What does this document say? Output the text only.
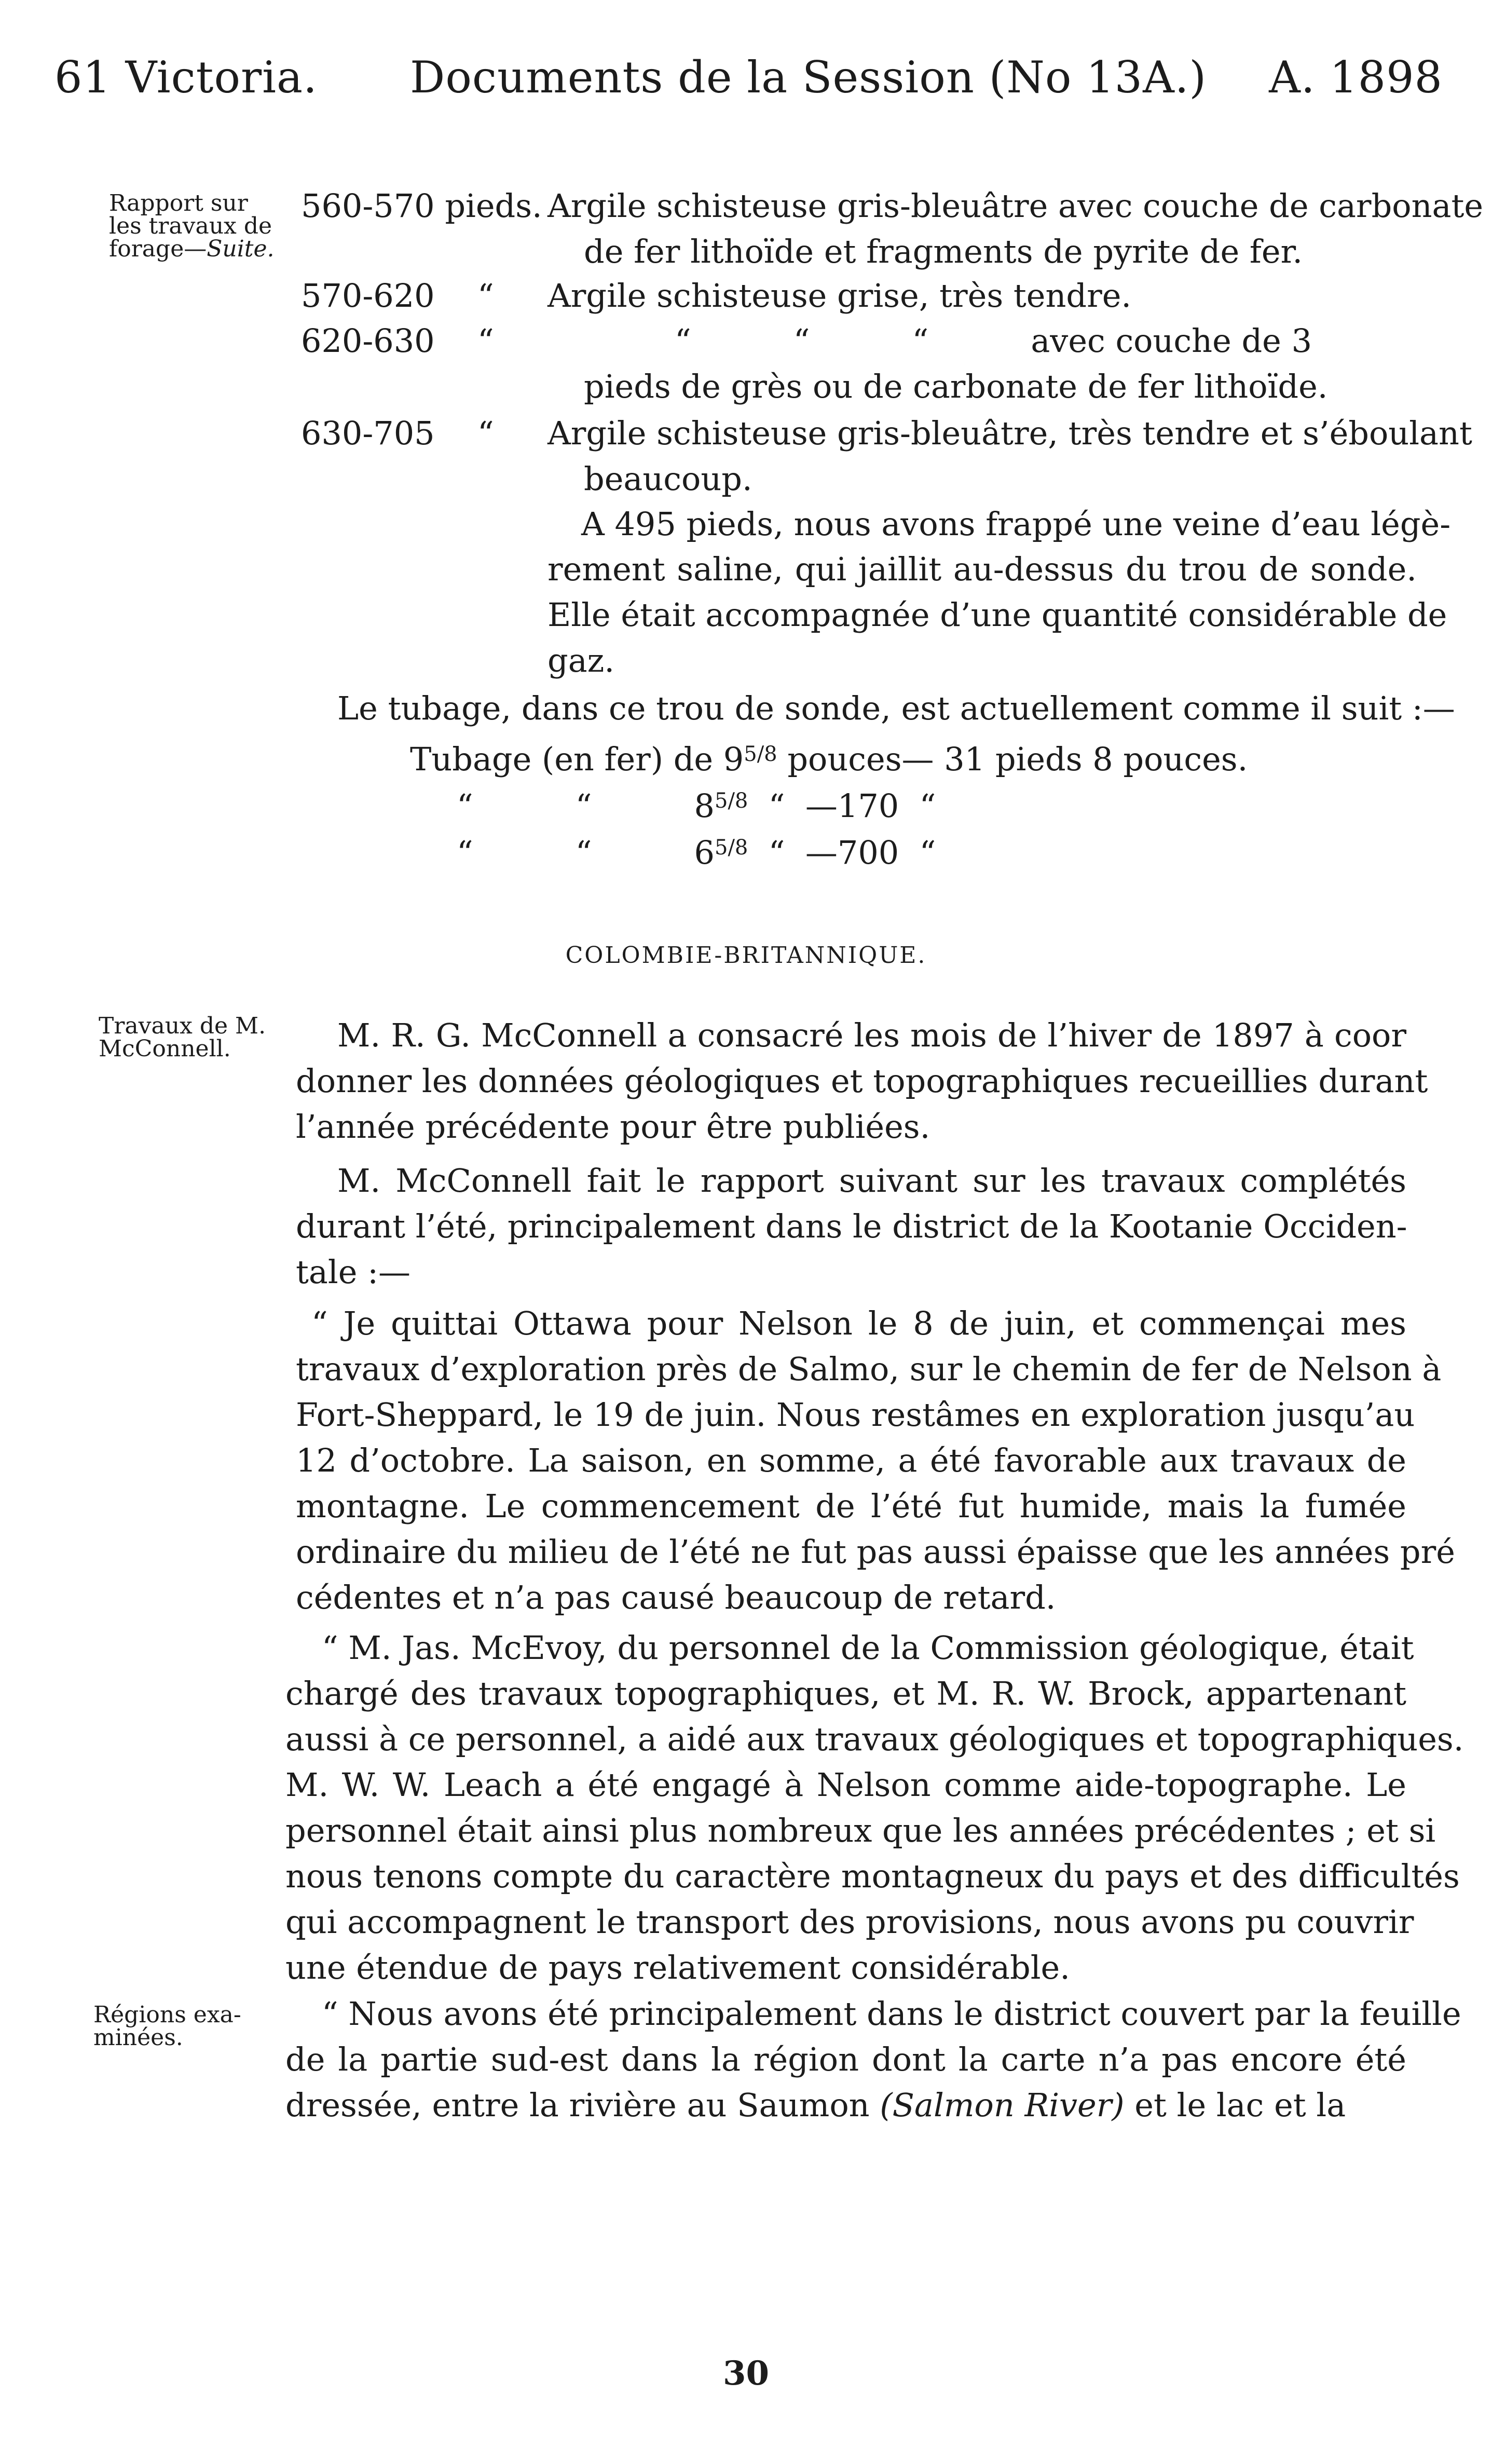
61 Victoria. Documents de la Session (No 13A.) A. 1898
Rapport sur
les travaux de
forage—Suite.
Travaux de M.
McConnell.
Régions exa-
minées.
560-570 pieds. Argile schisteuse gris-bleuâtre avec couche de carbonate
de fer lithoïde et fragments de pyrite de fer.
570-620 “ Argile schisteuse grise, très tendre.
620-630 “	“          “          “          avec couche de 3
pieds de grès ou de carbonate de fer lithoïde.
630-705 “ Argile schisteuse gris-bleuâtre, très tendre et s’éboulant
beaucoup.
A 495 pieds, nous avons frappé une veine d’eau légè-
rement saline, qui jaillit au-dessus du trou de sonde.
Elle était accompagnée d’une quantité considérable de
gaz.
Le tubage, dans ce trou de sonde, est actuellement comme il suit :—
Tubage (en fer) de $9^{5/8}$ pouces— 31 pieds 8 pouces.
“          “          $8^{5/8}$  “  —170  “
“          “          $6^{5/8}$  “  —700  “
COLOMBIE-BRITANNIQUE.
M. R. G. McConnell a consacré les mois de l’hiver de 1897 à coor
donner les données géologiques et topographiques recueillies durant
l’année précédente pour être publiées.
M. McConnell fait le rapport suivant sur les travaux complétés
durant l’été, principalement dans le district de la Kootanie Occiden-
tale :—
“ Je quittai Ottawa pour Nelson le 8 de juin, et commençai mes
travaux d’exploration près de Salmo, sur le chemin de fer de Nelson à
Fort-Sheppard, le 19 de juin. Nous restâmes en exploration jusqu’au
12 d’octobre. La saison, en somme, a été favorable aux travaux de
montagne. Le commencement de l’été fut humide, mais la fumée
ordinaire du milieu de l’été ne fut pas aussi épaisse que les années pré
cédentes et n’a pas causé beaucoup de retard.
“ M. Jas. McEvoy, du personnel de la Commission géologique, était
chargé des travaux topographiques, et M. R. W. Brock, appartenant
aussi à ce personnel, a aidé aux travaux géologiques et topographiques.
M. W. W. Leach a été engagé à Nelson comme aide-topographe. Le
personnel était ainsi plus nombreux que les années précédentes ; et si
nous tenons compte du caractère montagneux du pays et des difficultés
qui accompagnent le transport des provisions, nous avons pu couvrir
une étendue de pays relativement considérable.
“ Nous avons été principalement dans le district couvert par la feuille
de la partie sud-est dans la région dont la carte n’a pas encore été
dressée, entre la rivière au Saumon (Salmon River) et le lac et la
30
